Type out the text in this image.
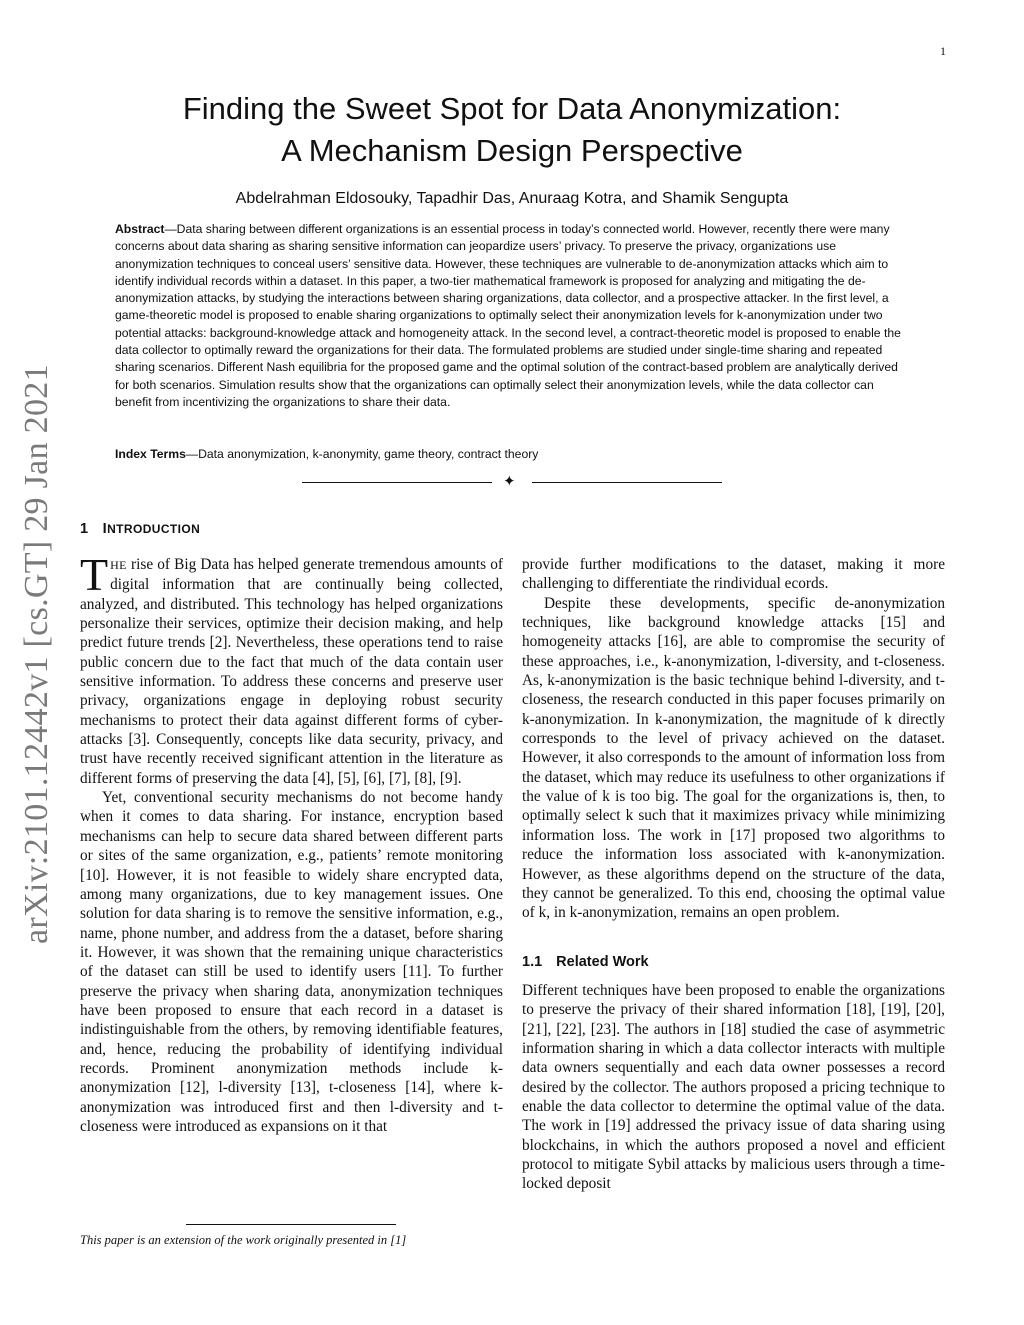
1
arXiv:2101.12442v1 [cs.GT] 29 Jan 2021
Finding the Sweet Spot for Data Anonymization:
A Mechanism Design Perspective
Abdelrahman Eldosouky, Tapadhir Das, Anuraag Kotra, and Shamik Sengupta

Abstract—Data sharing between different organizations is an essential process in today’s connected world. However, recently there were many concerns about data sharing as sharing sensitive information can jeopardize users’ privacy. To preserve the privacy, organizations use anonymization techniques to conceal users’ sensitive data. However, these techniques are vulnerable to de-anonymization attacks which aim to identify individual records within a dataset. In this paper, a two-tier mathematical framework is proposed for analyzing and mitigating the de-anonymization attacks, by studying the interactions between sharing organizations, data collector, and a prospective attacker. In the first level, a game-theoretic model is proposed to enable sharing organizations to optimally select their anonymization levels for k-anonymization under two potential attacks: background-knowledge attack and homogeneity attack. In the second level, a contract-theoretic model is proposed to enable the data collector to optimally reward the organizations for their data. The formulated problems are studied under single-time sharing and repeated sharing scenarios. Different Nash equilibria for the proposed game and the optimal solution of the contract-based problem are analytically derived for both scenarios. Simulation results show that the organizations can optimally select their anonymization levels, while the data collector can benefit from incentivizing the organizations to share their data.

Index Terms—Data anonymization, k-anonymity, game theory, contract theory

✦
1 INTRODUCTION

THE rise of Big Data has helped generate tremendous amounts of digital information that are continually being collected, analyzed, and distributed. This technology has helped organizations personalize their services, optimize their decision making, and help predict future trends [2]. Nevertheless, these operations tend to raise public concern due to the fact that much of the data contain user sensitive information. To address these concerns and preserve user privacy, organizations engage in deploying robust security mechanisms to protect their data against different forms of cyber-attacks [3]. Consequently, concepts like data security, privacy, and trust have recently received significant attention in the literature as different forms of preserving the data [4], [5], [6], [7], [8], [9].

Yet, conventional security mechanisms do not become handy when it comes to data sharing. For instance, encryption based mechanisms can help to secure data shared between different parts or sites of the same organization, e.g., patients’ remote monitoring [10]. However, it is not feasible to widely share encrypted data, among many organizations, due to key management issues. One solution for data sharing is to remove the sensitive information, e.g., name, phone number, and address from the a dataset, before sharing it. However, it was shown that the remaining unique characteristics of the dataset can still be used to identify users [11]. To further preserve the privacy when sharing data, anonymization techniques have been proposed to ensure that each record in a dataset is indistinguishable from the others, by removing identifiable features, and, hence, reducing the probability of identifying individual records. Prominent anonymization methods include k-anonymization [12], l-diversity [13], t-closeness [14], where k-anonymization was introduced first and then l-diversity and t-closeness were introduced as expansions on it that

provide further modifications to the dataset, making it more challenging to differentiate the rindividual ecords.

Despite these developments, specific de-anonymization techniques, like background knowledge attacks [15] and homogeneity attacks [16], are able to compromise the security of these approaches, i.e., k-anonymization, l-diversity, and t-closeness. As, k-anonymization is the basic technique behind l-diversity, and t-closeness, the research conducted in this paper focuses primarily on k-anonymization. In k-anonymization, the magnitude of k directly corresponds to the level of privacy achieved on the dataset. However, it also corresponds to the amount of information loss from the dataset, which may reduce its usefulness to other organizations if the value of k is too big. The goal for the organizations is, then, to optimally select k such that it maximizes privacy while minimizing information loss. The work in [17] proposed two algorithms to reduce the information loss associated with k-anonymization. However, as these algorithms depend on the structure of the data, they cannot be generalized. To this end, choosing the optimal value of k, in k-anonymization, remains an open problem.

1.1 Related Work

Different techniques have been proposed to enable the organizations to preserve the privacy of their shared information [18], [19], [20], [21], [22], [23]. The authors in [18] studied the case of asymmetric information sharing in which a data collector interacts with multiple data owners sequentially and each data owner possesses a record desired by the collector. The authors proposed a pricing technique to enable the data collector to determine the optimal value of the data. The work in [19] addressed the privacy issue of data sharing using blockchains, in which the authors proposed a novel and efficient protocol to mitigate Sybil attacks by malicious users through a time-locked deposit

This paper is an extension of the work originally presented in [1]
